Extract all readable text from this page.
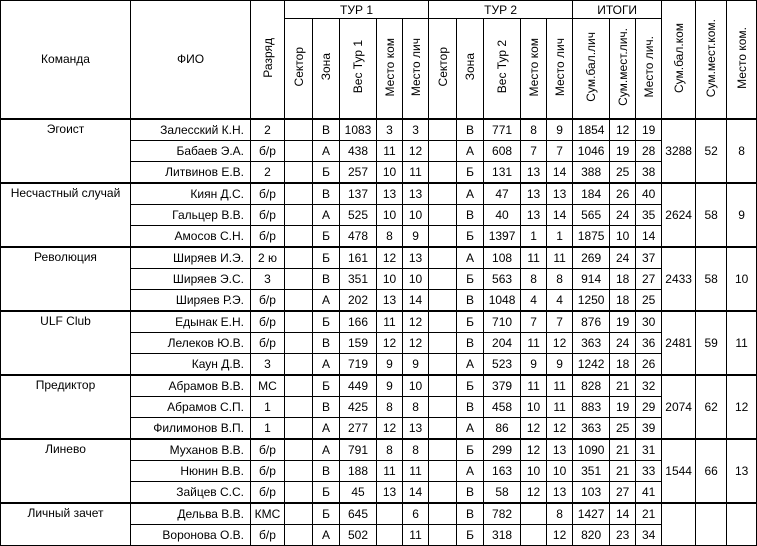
Команда	ФИО	Разряд	ТУР 1					ТУР 2					ИТОГИ			Сум.бал.ком	Сум.мест.ком.	Место ком.
			Сектор	Зона	Вес Тур 1	Место ком	Место лич	Сектор	Зона	Вес Тур 2	Место ком	Место лич	Сум.бал.лич	Сум.мест.лич.	Место лич.			
Эгоист	Залесский К.Н.	2		В	1083	3	3		В	771	8	9	1854	12	19	3288	52	8
	Бабаев Э.А.	б/р		А	438	11	12		А	608	7	7	1046	19	28			
	Литвинов Е.В.	2		Б	257	10	11		Б	131	13	14	388	25	38			
Несчастный случай	Киян Д.С.	б/р		В	137	13	13		А	47	13	13	184	26	40	2624	58	9
	Гальцер В.В.	б/р		А	525	10	10		В	40	13	14	565	24	35			
	Амосов С.Н.	б/р		Б	478	8	9		Б	1397	1	1	1875	10	14			
Революция	Ширяев И.Э.	2 ю		Б	161	12	13		А	108	11	11	269	24	37	2433	58	10
	Ширяев Э.С.	3		В	351	10	10		Б	563	8	8	914	18	27			
	Ширяев Р.Э.	б/р		А	202	13	14		В	1048	4	4	1250	18	25			
ULF Club	Едынак Е.Н.	б/р		Б	166	11	12		Б	710	7	7	876	19	30	2481	59	11
	Лелеков Ю.В.	б/р		В	159	12	12		В	204	11	12	363	24	36			
	Каун Д.В.	3		А	719	9	9		А	523	9	9	1242	18	26			
Предиктор	Абрамов В.В.	МС		Б	449	9	10		Б	379	11	11	828	21	32	2074	62	12
	Абрамов С.П.	1		В	425	8	8		В	458	10	11	883	19	29			
	Филимонов В.П.	1		А	277	12	13		А	86	12	12	363	25	39			
Линево	Муханов В.В.	б/р		А	791	8	8		Б	299	12	13	1090	21	31	1544	66	13
	Нюнин В.В.	б/р		В	188	11	11		А	163	10	10	351	21	33			
	Зайцев С.С.	б/р		Б	45	13	14		В	58	12	13	103	27	41			
Личный зачет	Дельва В.В.	КМС		Б	645		6		В	782		8	1427	14	21			
	Воронова О.В.	б/р		А	502		11		Б	318		12	820	23	34			
